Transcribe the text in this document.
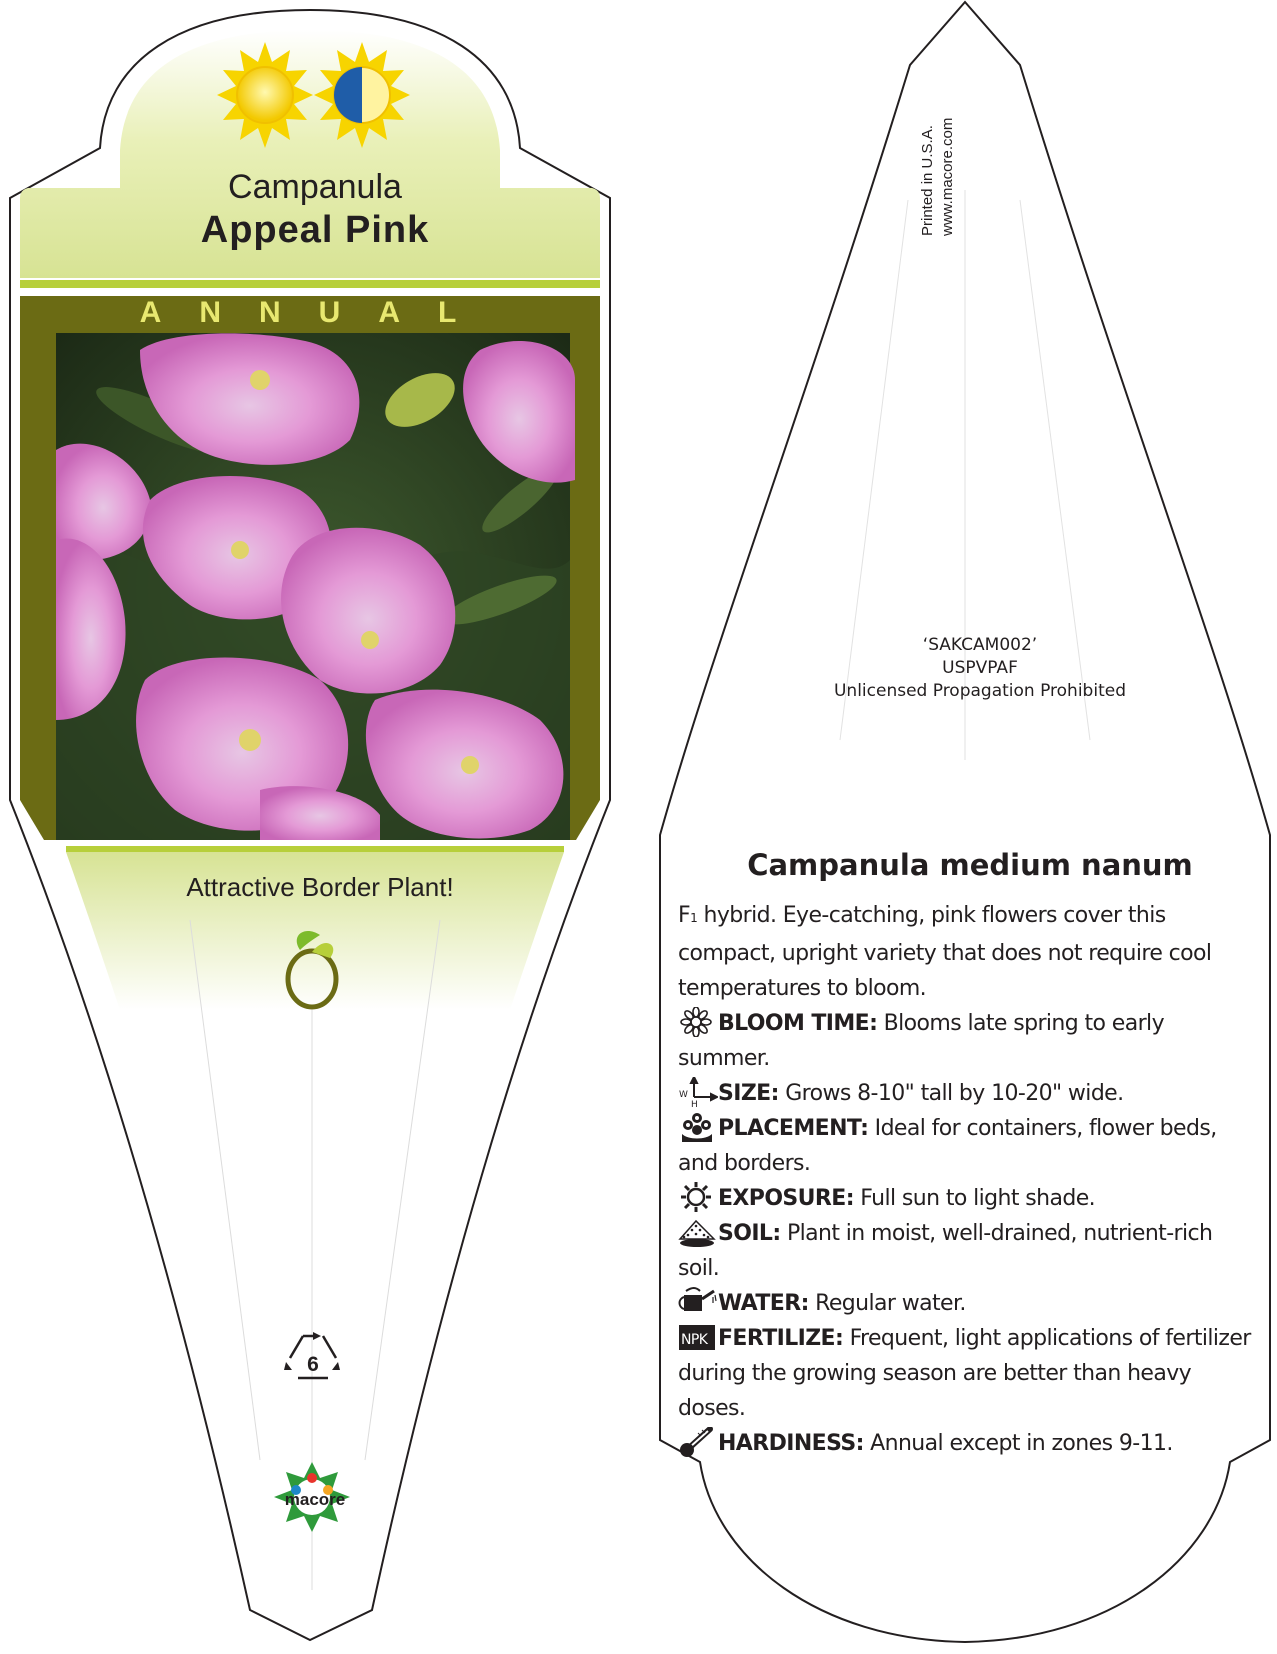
Campanula
Appeal Pink
ANNUAL
Attractive Border Plant!
6
macore
Printed in U.S.A. www.macore.com
‘SAKCAM002’
USPVPAF
Unlicensed Propagation Prohibited
Campanula medium nanum

F1 hybrid. Eye-catching, pink flowers cover this compact, upright variety that does not require cool temperatures to bloom.

BLOOM TIME: Blooms late spring to early summer.

W
H SIZE: Grows 8-10" tall by 10-20" wide.

PLACEMENT: Ideal for containers, flower beds, and borders.

EXPOSURE: Full sun to light shade.

SOIL: Plant in moist, well-drained, nutrient-rich soil.

WATER: Regular water.

NPK FERTILIZE: Frequent, light applications of fertilizer during the growing season are better than heavy doses.

HARDINESS: Annual except in zones 9-11.
